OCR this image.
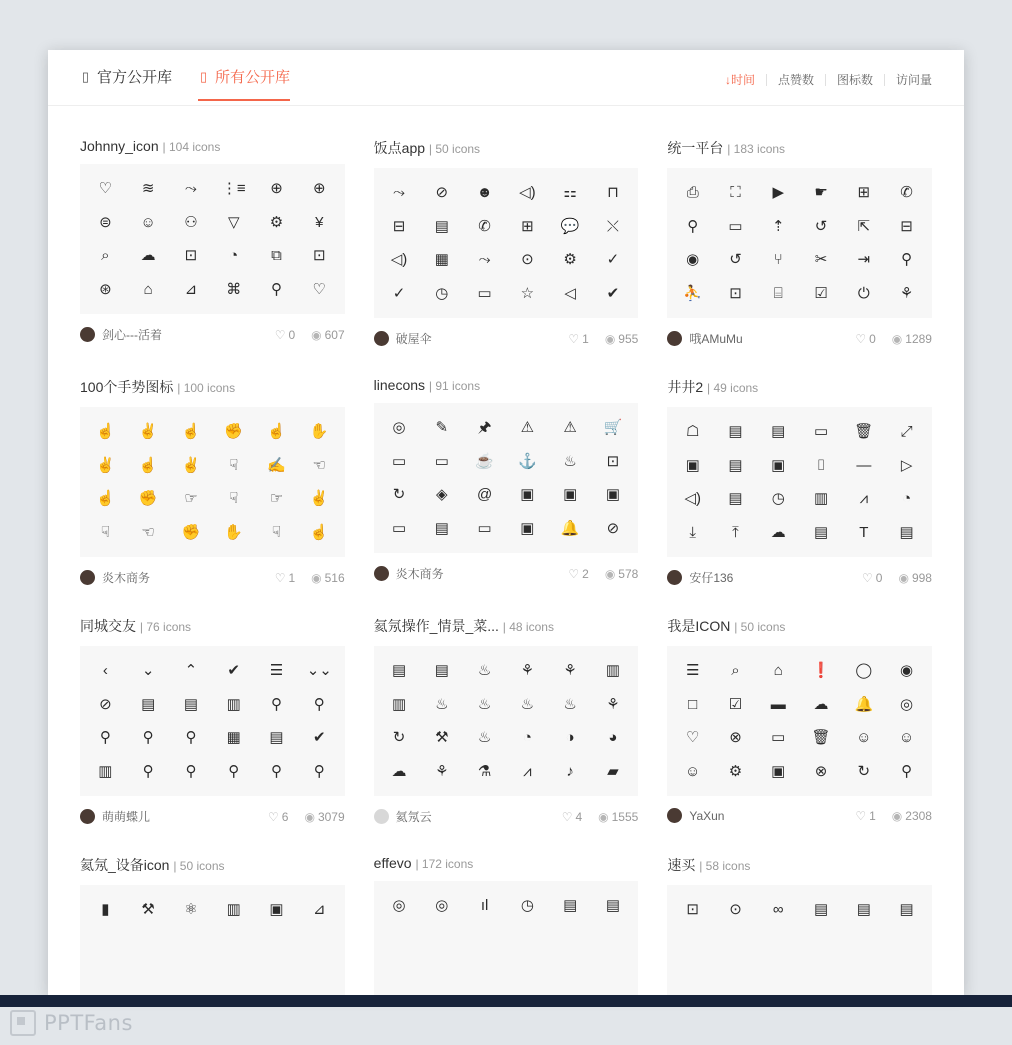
▯ 官方公开库 ▯ 所有公开库	↓时间	点赞数	图标数	访问量
Johnny_icon | 104 icons
♡ ≋ ⤳ ⋮≡ ⊕ ⊕
⊜ ☺ ⚇ ▽ ⚙ ¥
⌕ ☁ ⊡ ◔ ⧉ ⊡
⊛ ⌂ ⊿ ⌘ ⚲ ♡
剑心---活着	♡ 0 ◉ 607
饭点app | 50 icons
⤳ ⊘ ☻ ◁) ⚏ ⊓
⊟ ▤ ✆ ⊞ 💬 ⤬
◁) ▦ ⤳ ⊙ ⚙ ✓
✓ ◷ ▭ ☆ ◁ ✔
破屋伞	♡ 1 ◉ 955
统一平台 | 183 icons
⎙ ⛶ ▶ ☛ ⊞ ✆
⚲ ▭ ⇡ ↺ ⇱ ⊟
◉ ↺ ⑂ ✂ ⇥ ⚲
⛹ ⊡ ⌸ ☑ ⏻ ⚘
哦AMuMu	♡ 0 ◉ 1289
100个手势图标 | 100 icons
☝ ✌ ☝ ✊ ☝ ✋
✌ ☝ ✌ ☟ ✍ ☜
☝ ✊ ☞ ☟ ☞ ✌
☟ ☜ ✊ ✋ ☟ ☝
炎木商务	♡ 1 ◉ 516
linecons | 91 icons
◎ ✎ 🖈 ⚠ ⚠ 🛒
▭ ▭ ☕ ⚓ ♨ ⊡
↻ ◈ @ ▣ ▣ ▣
▭ ▤ ▭ ▣ 🔔 ⊘
炎木商务	♡ 2 ◉ 578
井井2 | 49 icons
☖ ▤ ▤ ▭ 🗑 ⤢
▣ ▤ ▣ ⌷ — ▷
◁) ▤ ◷ ▥ ⩘ ◔
⤓ ⤒ ☁ ▤ T ▤
安仔136	♡ 0 ◉ 998
同城交友 | 76 icons
‹ ⌄ ⌃ ✔ ☰ ⌄⌄
⊘ ▤ ▤ ▥ ⚲ ⚲
⚲ ⚲ ⚲ ▦ ▤ ✔
▥ ⚲ ⚲ ⚲ ⚲ ⚲
萌萌蝶儿	♡ 6 ◉ 3079
氦氖操作_情景_菜... | 48 icons
▤ ▤ ♨ ⚘ ⚘ ▥
▥ ♨ ♨ ♨ ♨ ⚘
↻ ⚒ ♨ ◔ ◑ ◕
☁ ⚘ ⚗ ⩘ ♪ ▰
氦氖云	♡ 4 ◉ 1555
我是ICON | 50 icons
☰ ⌕ ⌂ ❗ ◯ ◉
□ ☑ ▬ ☁ 🔔 ◎
♡ ⊗ ▭ 🗑 ☺ ☺
☺ ⚙ ▣ ⊗ ↻ ⚲
YaXun	♡ 1 ◉ 2308
氦氖_设备icon | 50 icons
▮ ⚒ ⚛ ▥ ▣ ⊿
effevo | 172 icons
◎ ◎ ıl ◷ ▤ ▤
速买 | 58 icons
⊡ ⊙ ∞ ▤ ▤ ▤
PPTFans
